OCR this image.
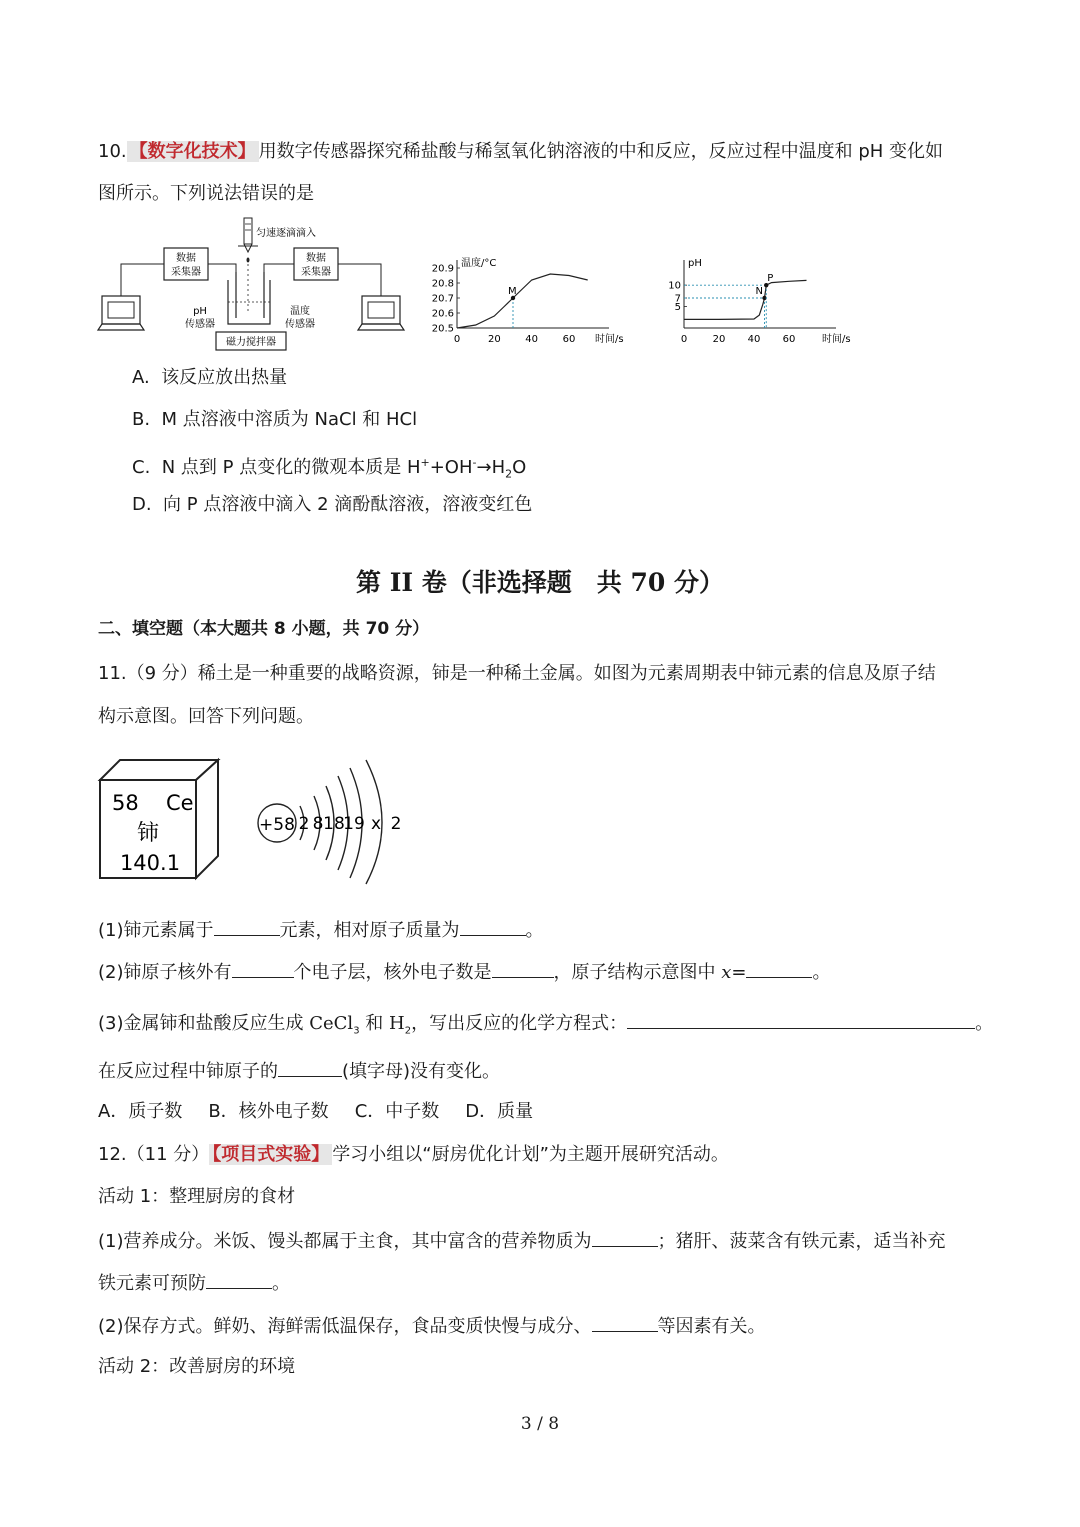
10. 【数字化技术】 用数字传感器探究稀盐酸与稀氢氧化钠溶液的中和反应，反应过程中温度和 pH 变化如
图所示。下列说法错误的是
数据
采集器
数据
采集器
匀速逐滴滴入
pH
传感器
温度
传感器
磁力搅拌器
温度/°C
时间/s
0	20 40 60
20.5
20.6
20.7
20.8
20.9
M
pH
时间/s
0	20 40 60
5
7
10	N
P
A. 该反应放出热量
B. M 点溶液中溶质为 NaCl 和 HCl
C. N 点到 P 点变化的微观本质是 $H^++OH^-\to H_2O$
D. 向 P 点溶液中滴入 2 滴酚酞溶液，溶液变红色
第 II 卷（非选择题　共 70 分）
二、填空题（本大题共 8 小题，共 70 分）
11.（9 分）稀土是一种重要的战略资源，铈是一种稀土金属。如图为元素周期表中铈元素的信息及原子结
构示意图。回答下列问题。
58 Ce
铈
140.1
+58 2 8 18
19 x 2
(1)铈元素属于	元素，相对原子质量为	。
(2)铈原子核外有	个电子层，核外电子数是	，原子结构示意图中 x=	。
(3)金属铈和盐酸反应生成 CeCl$_3$ 和 $H_2$，写出反应的化学方程式：	。
在反应过程中铈原子的	(填字母)没有变化。
A．质子数 B．核外电子数 C．中子数 D．质量
12.（11 分） 【项目式实验】 学习小组以“厨房优化计划”为主题开展研究活动。
活动 1：整理厨房的食材
(1)营养成分。米饭、馒头都属于主食，其中富含的营养物质为	；猪肝、菠菜含有铁元素，适当补充
铁元素可预防	。
(2)保存方式。鲜奶、海鲜需低温保存，食品变质快慢与成分、	等因素有关。
活动 2：改善厨房的环境
3 / 8
